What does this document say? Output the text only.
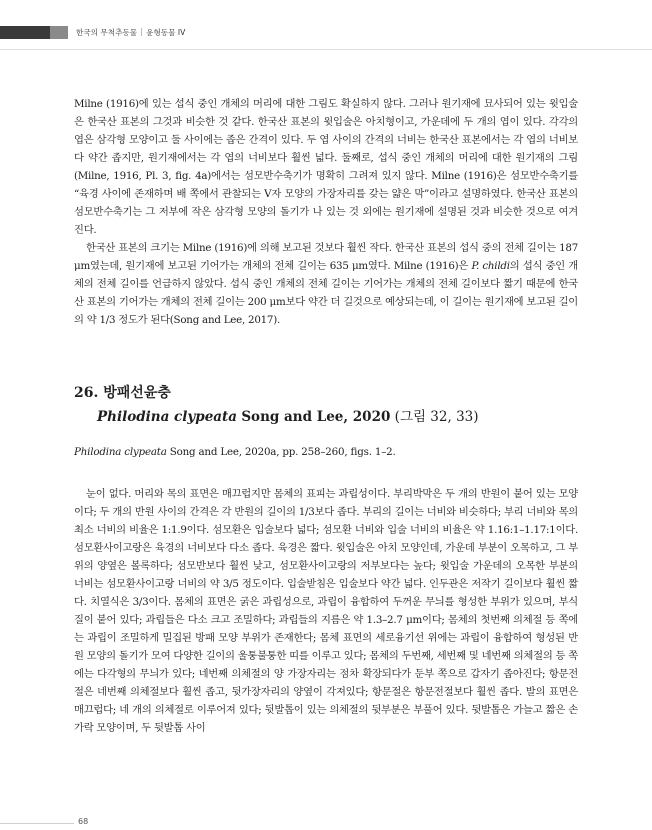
한국의 무척추동물 윤형동물 IV

Milne (1916)에 있는 섭식 중인 개체의 머리에 대한 그림도 확실하지 않다. 그러나 원기재에 묘사되어 있는 윗입술은 한국산 표본의 그것과 비슷한 것 같다. 한국산 표본의 윗입술은 아치형이고, 가운데에 두 개의 엽이 있다. 각각의 엽은 삼각형 모양이고 둘 사이에는 좁은 간격이 있다. 두 엽 사이의 간격의 너비는 한국산 표본에서는 각 엽의 너비보다 약간 좁지만, 원기재에서는 각 엽의 너비보다 훨씬 넓다. 둘째로, 섭식 중인 개체의 머리에 대한 원기재의 그림(Milne, 1916, Pl. 3, fig. 4a)에서는 섬모반수축기가 명확히 그려져 있지 않다. Milne (1916)은 섬모반수축기를 “육경 사이에 존재하며 배 쪽에서 관찰되는 V자 모양의 가장자리를 갖는 얇은 막”이라고 설명하였다. 한국산 표본의 섬모반수축기는 그 저부에 작은 삼각형 모양의 돌기가 나 있는 것 외에는 원기재에 설명된 것과 비슷한 것으로 여겨진다.

한국산 표본의 크기는 Milne (1916)에 의해 보고된 것보다 훨씬 작다. 한국산 표본의 섭식 중의 전체 길이는 187 μm였는데, 원기재에 보고된 기어가는 개체의 전체 길이는 635 μm였다. Milne (1916)은 P. childi의 섭식 중인 개체의 전체 길이를 언급하지 않았다. 섭식 중인 개체의 전체 길이는 기어가는 개체의 전체 길이보다 짧기 때문에 한국산 표본의 기어가는 개체의 전체 길이는 200 μm보다 약간 더 길것으로 예상되는데, 이 길이는 원기재에 보고된 길이의 약 1/3 정도가 된다(Song and Lee, 2017).

26. 방패선윤충
Philodina clypeata Song and Lee, 2020 (그림 32, 33)
Philodina clypeata Song and Lee, 2020a, pp. 258–260, figs. 1–2.

눈이 없다. 머리와 목의 표면은 매끄럽지만 몸체의 표피는 과립성이다. 부리박막은 두 개의 반원이 붙어 있는 모양이다; 두 개의 반원 사이의 간격은 각 반원의 길이의 1/3보다 좁다. 부리의 길이는 너비와 비슷하다; 부리 너비와 목의 최소 너비의 비율은 1:1.9이다. 섬모환은 입술보다 넓다; 섬모환 너비와 입술 너비의 비율은 약 1.16:1–1.17:1이다. 섬모환사이고랑은 육경의 너비보다 다소 좁다. 육경은 짧다. 윗입술은 아치 모양인데, 가운데 부분이 오목하고, 그 부위의 양옆은 볼록하다; 섬모반보다 훨씬 낮고, 섬모환사이고랑의 저부보다는 높다; 윗입술 가운데의 오목한 부분의 너비는 섬모환사이고랑 너비의 약 3/5 정도이다. 입술받침은 입술보다 약간 넓다. 인두관은 저작기 길이보다 훨씬 짧다. 치열식은 3/3이다. 몸체의 표면은 굵은 과립성으로, 과립이 융합하여 두꺼운 무늬를 형성한 부위가 있으며, 부식질이 붙어 있다; 과립들은 다소 크고 조밀하다; 과립들의 지름은 약 1.3–2.7 μm이다; 몸체의 첫번째 의체절 등 쪽에는 과립이 조밀하게 밀집된 방패 모양 부위가 존재한다; 몸체 표면의 세로융기선 위에는 과립이 융합하여 형성된 반원 모양의 돌기가 모여 다양한 길이의 울퉁불퉁한 띠를 이루고 있다; 몸체의 두번째, 세번째 및 네번째 의체절의 등 쪽에는 다각형의 무늬가 있다; 네번째 의체절의 양 가장자리는 점차 확장되다가 둔부 쪽으로 갑자기 좁아진다; 항문전절은 네번째 의체절보다 훨씬 좁고, 뒷가장자리의 양옆이 각져있다; 항문절은 항문전절보다 훨씬 좁다. 발의 표면은 매끄럽다; 네 개의 의체절로 이루어져 있다; 뒷발톱이 있는 의체절의 뒷부분은 부풀어 있다. 뒷발톱은 가늘고 짧은 손가락 모양이며, 두 뒷발톱 사이

68
